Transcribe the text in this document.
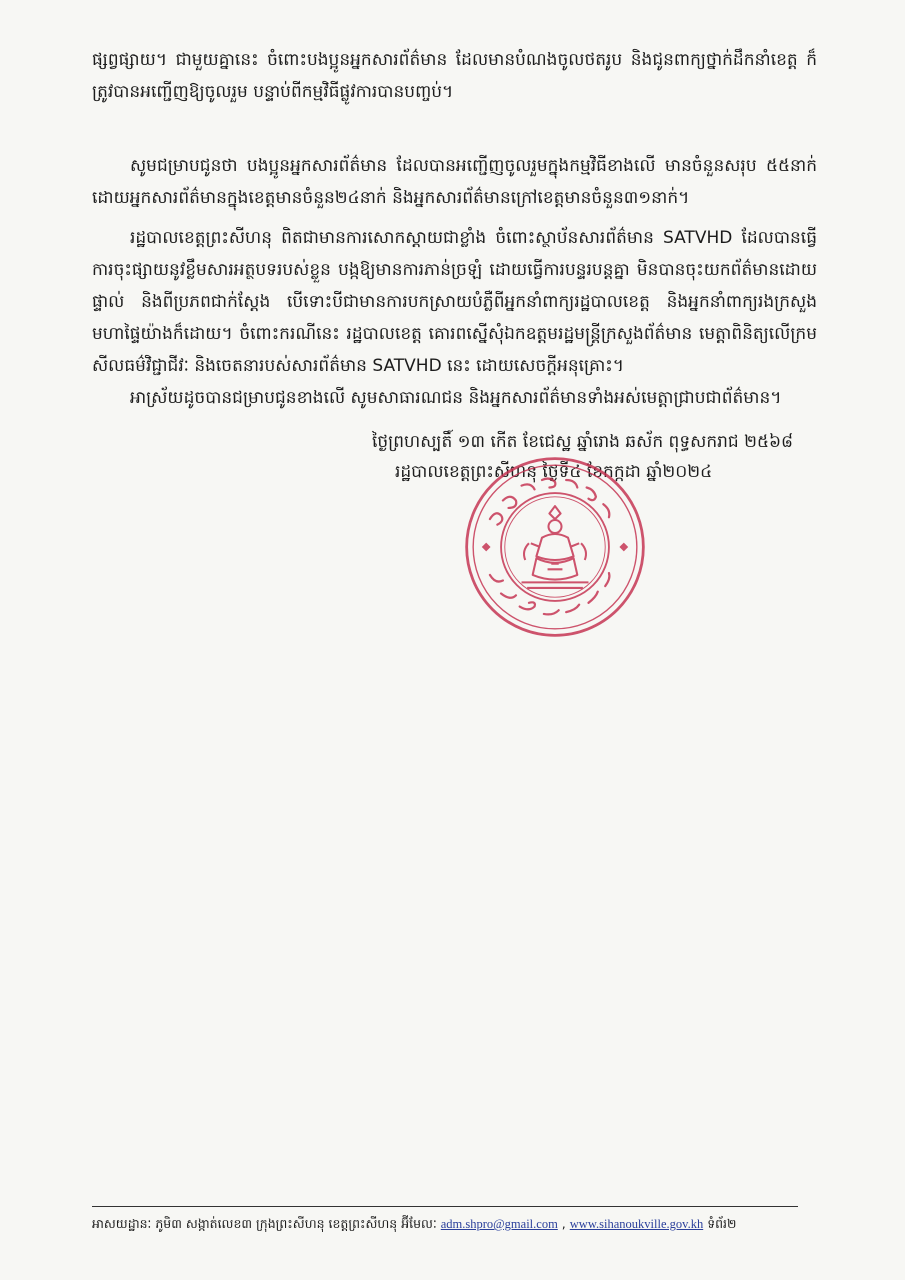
ផ្សព្វផ្សាយ។ ជាមួយគ្នានេះ ចំពោះបងប្អូនអ្នកសារព័ត៌មាន ដែលមានបំណងចូលថតរូប និងជូនពាក្យថ្នាក់ដឹកនាំខេត្ត ក៏ត្រូវបានអញ្ជើញឱ្យចូលរួម បន្ទាប់ពីកម្មវិធីផ្លូវការបានបញ្ចប់។

សូមជម្រាបជូនថា បងប្អូនអ្នកសារព័ត៌មាន ដែលបានអញ្ជើញចូលរួមក្នុងកម្មវិធីខាងលើ មានចំនួនសរុប ៥៥នាក់ ដោយអ្នកសារព័ត៌មានក្នុងខេត្តមានចំនួន២៤នាក់ និងអ្នកសារព័ត៌មានក្រៅខេត្តមានចំនួន៣១នាក់។

រដ្ឋបាលខេត្តព្រះសីហនុ ពិតជាមានការសោកស្តាយជាខ្លាំង ចំពោះស្ថាប័នសារព័ត៌មាន SATVHD ដែលបានធ្វើការចុះផ្សាយនូវខ្លឹមសារអត្ថបទរបស់ខ្លួន បង្កឱ្យមានការភាន់ច្រឡំ ដោយធ្វើការបន្ទរបន្តគ្នា មិនបានចុះយកព័ត៌មានដោយផ្ទាល់ និងពីប្រភពជាក់ស្តែង បើទោះបីជាមានការបកស្រាយបំភ្លឺពីអ្នកនាំពាក្យរដ្ឋបាលខេត្ត និងអ្នកនាំពាក្យរងក្រសួងមហាផ្ទៃយ៉ាងក៏ដោយ។ ចំពោះករណីនេះ រដ្ឋបាលខេត្ត គោរពស្នើសុំឯកឧត្តមរដ្ឋមន្ត្រីក្រសួងព័ត៌មាន មេត្តាពិនិត្យលើក្រមសីលធម៌វិជ្ជាជីវៈ និងចេតនារបស់សារព័ត៌មាន SATVHD នេះ ដោយសេចក្តីអនុគ្រោះ។

អាស្រ័យដូចបានជម្រាបជូនខាងលើ សូមសាធារណជន និងអ្នកសារព័ត៌មានទាំងអស់មេត្តាជ្រាបជាព័ត៌មាន។

ថ្ងៃព្រហស្បតិ៍ ១៣ កើត ខែជេស្ឋ ឆ្នាំរោង ឆស័ក ពុទ្ធសករាជ ២៥៦៨
រដ្ឋបាលខេត្តព្រះសីហនុ ថ្ងៃទី៤ ខែកក្កដា ឆ្នាំ២០២៤
អាសយដ្ឋានៈ ភូមិ៣ សង្កាត់លេខ៣ ក្រុងព្រះសីហនុ ខេត្តព្រះសីហនុ អ៊ីមែលៈ adm.shpro@gmail.com , www.sihanoukville.gov.kh ទំព័រ២
